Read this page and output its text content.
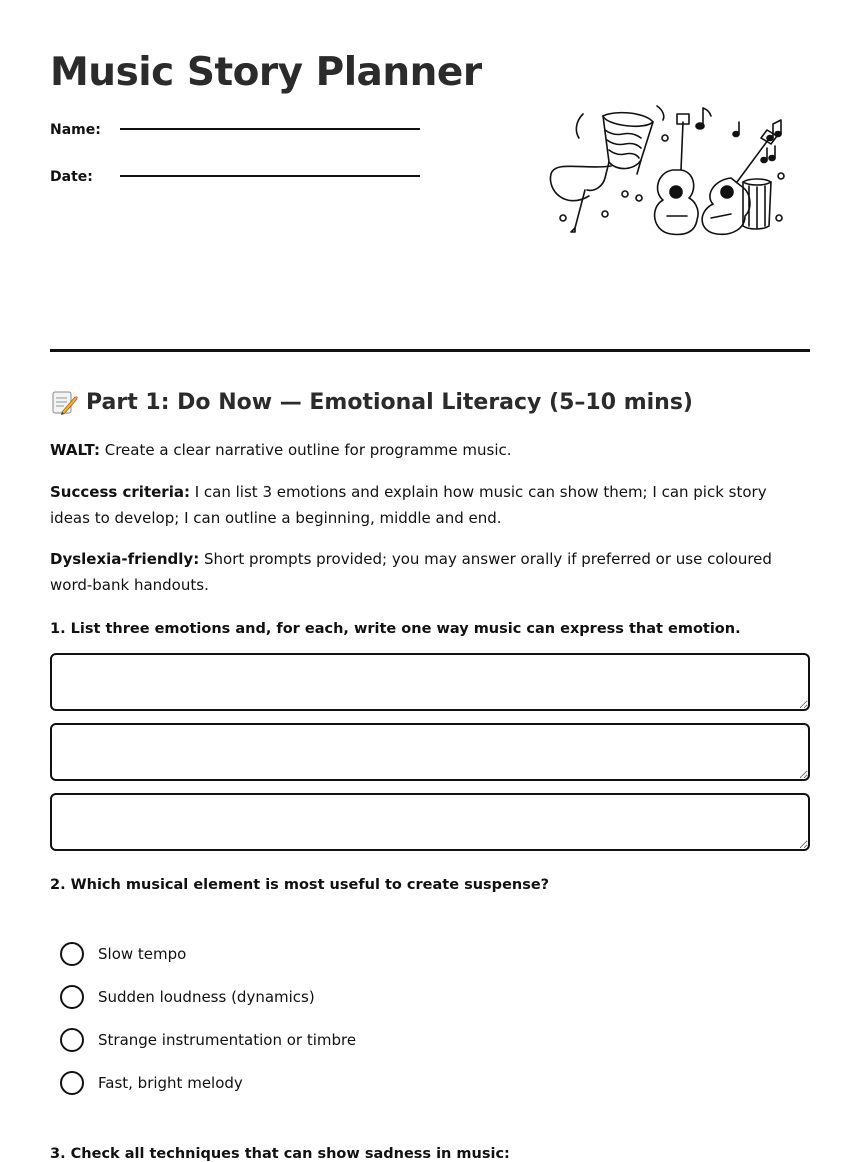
Music Story Planner
Name:
Date:
Part 1: Do Now — Emotional Literacy (5–10 mins)

WALT: Create a clear narrative outline for programme music.

Success criteria: I can list 3 emotions and explain how music can show them; I can pick story ideas to develop; I can outline a beginning, middle and end.

Dyslexia-friendly: Short prompts provided; you may answer orally if preferred or use coloured word-bank handouts.

1. List three emotions and, for each, write one way music can express that emotion.

2. Which musical element is most useful to create suspense?

Slow tempo
Sudden loudness (dynamics)
Strange instrumentation or timbre
Fast, bright melody

3. Check all techniques that can show sadness in music:
